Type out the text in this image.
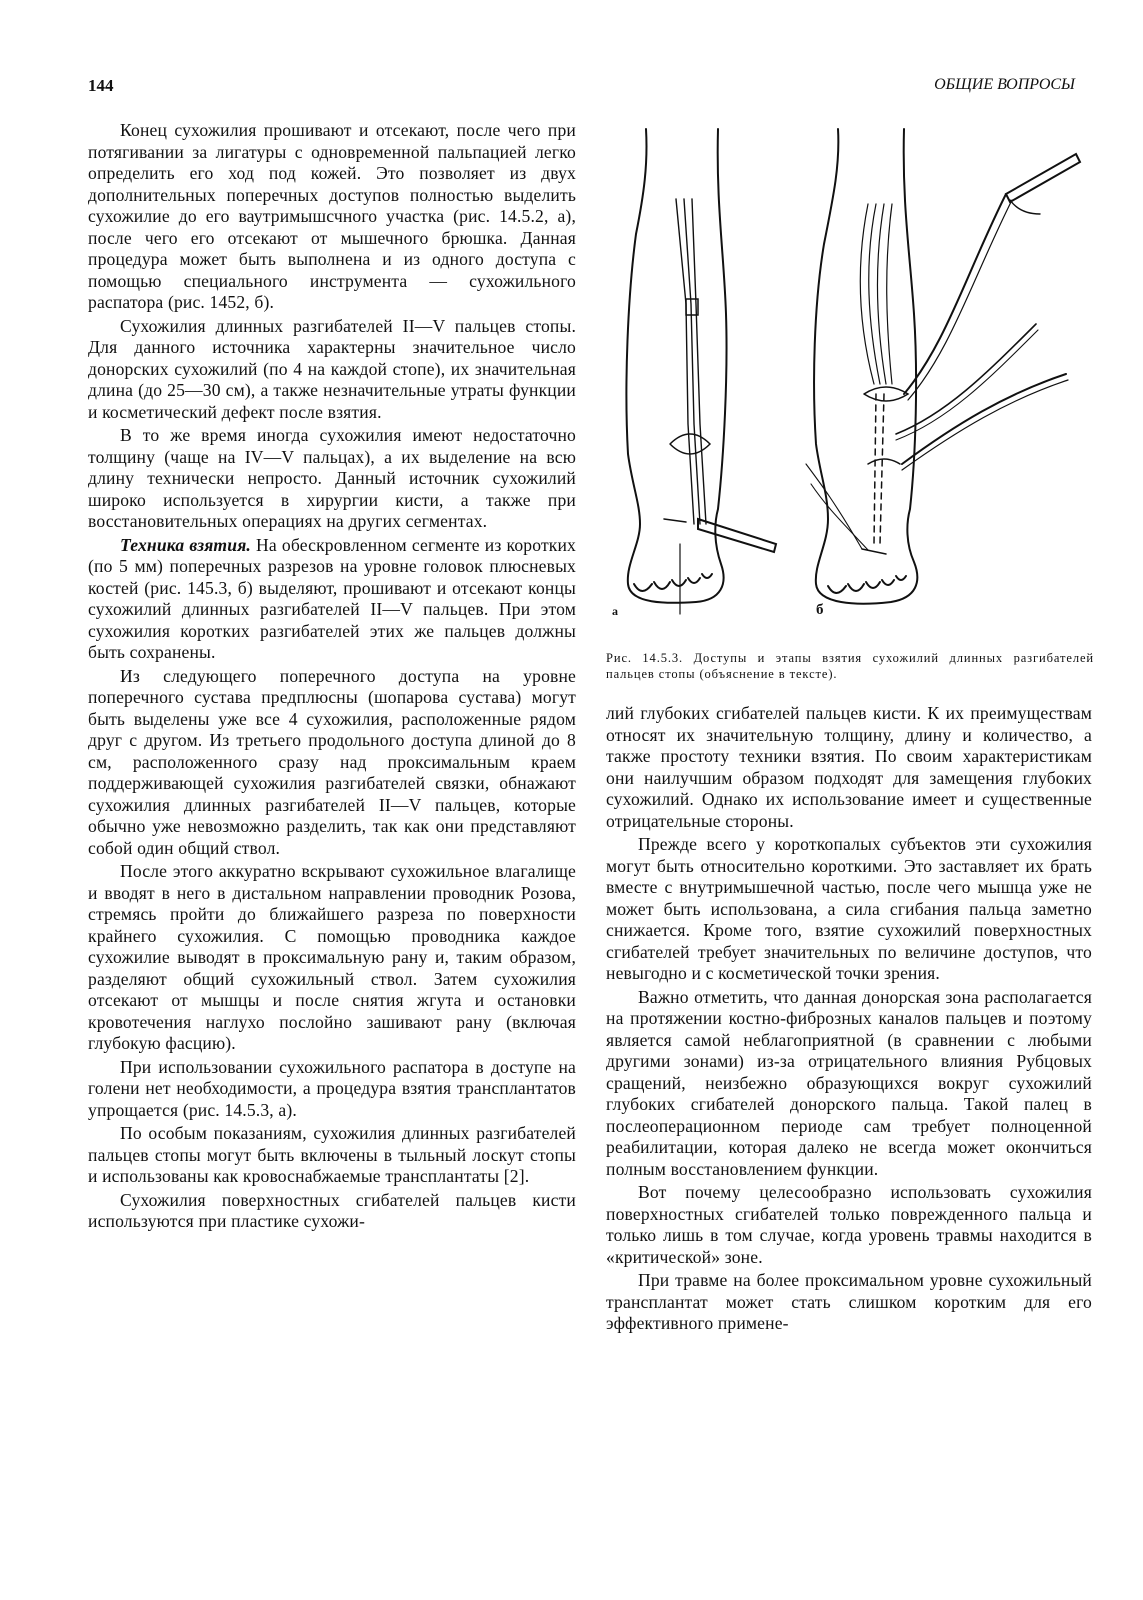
144	ОБЩИЕ ВОПРОСЫ

Конец сухожилия прошивают и отсекают, после чего при потягивании за лигатуры с одновременной пальпацией легко определить его ход под кожей. Это позволяет из двух дополнительных поперечных доступов полностью выделить сухожилие до его ваутримышсчного участка (рис. 14.5.2, а), после чего его отсекают от мышечного брюшка. Данная процедура может быть выполнена и из одного доступа с помощью специального инструмента — сухожильного распатора (рис. 1452, б).

Сухожилия длинных разгибателей II—V пальцев стопы. Для данного источника характерны значительное число донорских сухожилий (по 4 на каждой стопе), их значительная длина (до 25—30 см), а также незначительные утраты функции и косметический дефект после взятия.

В то же время иногда сухожилия имеют недостаточно толщину (чаще на IV—V пальцах), а их выделение на всю длину технически непросто. Данный источник сухожилий широко используется в хирургии кисти, а также при восстановительных операциях на других сегментах.

Техника взятия. На обескровленном сегменте из коротких (по 5 мм) поперечных разрезов на уровне головок плюсневых костей (рис. 145.3, б) выделяют, прошивают и отсекают концы сухожилий длинных разгибателей II—V пальцев. При этом сухожилия коротких разгибателей этих же пальцев должны быть сохранены.

Из следующего поперечного доступа на уровне поперечного сустава предплюсны (шопарова сустава) могут быть выделены уже все 4 сухожилия, расположенные рядом друг с другом. Из третьего продольного доступа длиной до 8 см, расположенного сразу над проксимальным краем поддерживающей сухожилия разгибателей связки, обнажают сухожилия длинных разгибателей II—V пальцев, которые обычно уже невозможно разделить, так как они представляют собой один общий ствол.

После этого аккуратно вскрывают сухожильное влагалище и вводят в него в дистальном направлении проводник Розова, стремясь пройти до ближайшего разреза по поверхности крайнего сухожилия. С помощью проводника каждое сухожилие выводят в проксимальную рану и, таким образом, разделяют общий сухожильный ствол. Затем сухожилия отсекают от мышцы и после снятия жгута и остановки кровотечения наглухо послойно зашивают рану (включая глубокую фасцию).

При использовании сухожильного распатора в доступе на голени нет необходимости, а процедура взятия трансплантатов упрощается (рис. 14.5.3, а).

По особым показаниям, сухожилия длинных разгибателей пальцев стопы могут быть включены в тыльный лоскут стопы и использованы как кровоснабжаемые трансплантаты [2].

Сухожилия поверхностных сгибателей пальцев кисти используются при пластике сухожи-

а	б
Рис. 14.5.3. Доступы и этапы взятия сухожилий длинных разгибателей пальцев стопы (объяснение в тексте).

лий глубоких сгибателей пальцев кисти. К их преимуществам относят их значительную толщину, длину и количество, а также простоту техники взятия. По своим характеристикам они наилучшим образом подходят для замещения глубоких сухожилий. Однако их использование имеет и существенные отрицательные стороны.

Прежде всего у короткопалых субъектов эти сухожилия могут быть относительно короткими. Это заставляет их брать вместе с внутримышечной частью, после чего мышца уже не может быть использована, а сила сгибания пальца заметно снижается. Кроме того, взятие сухожилий поверхностных сгибателей требует значительных по величине доступов, что невыгодно и с косметической точки зрения.

Важно отметить, что данная донорская зона располагается на протяжении костно-фиброзных каналов пальцев и поэтому является самой неблагоприятной (в сравнении с любыми другими зонами) из-за отрицательного влияния Рубцовых сращений, неизбежно образующихся вокруг сухожилий глубоких сгибателей донорского пальца. Такой палец в послеоперационном периоде сам требует полноценной реабилитации, которая далеко не всегда может окончиться полным восстановлением функции.

Вот почему целесообразно использовать сухожилия поверхностных сгибателей только поврежденного пальца и только лишь в том случае, когда уровень травмы находится в «критической» зоне.

При травме на более проксимальном уровне сухожильный трансплантат может стать слишком коротким для его эффективного примене-
